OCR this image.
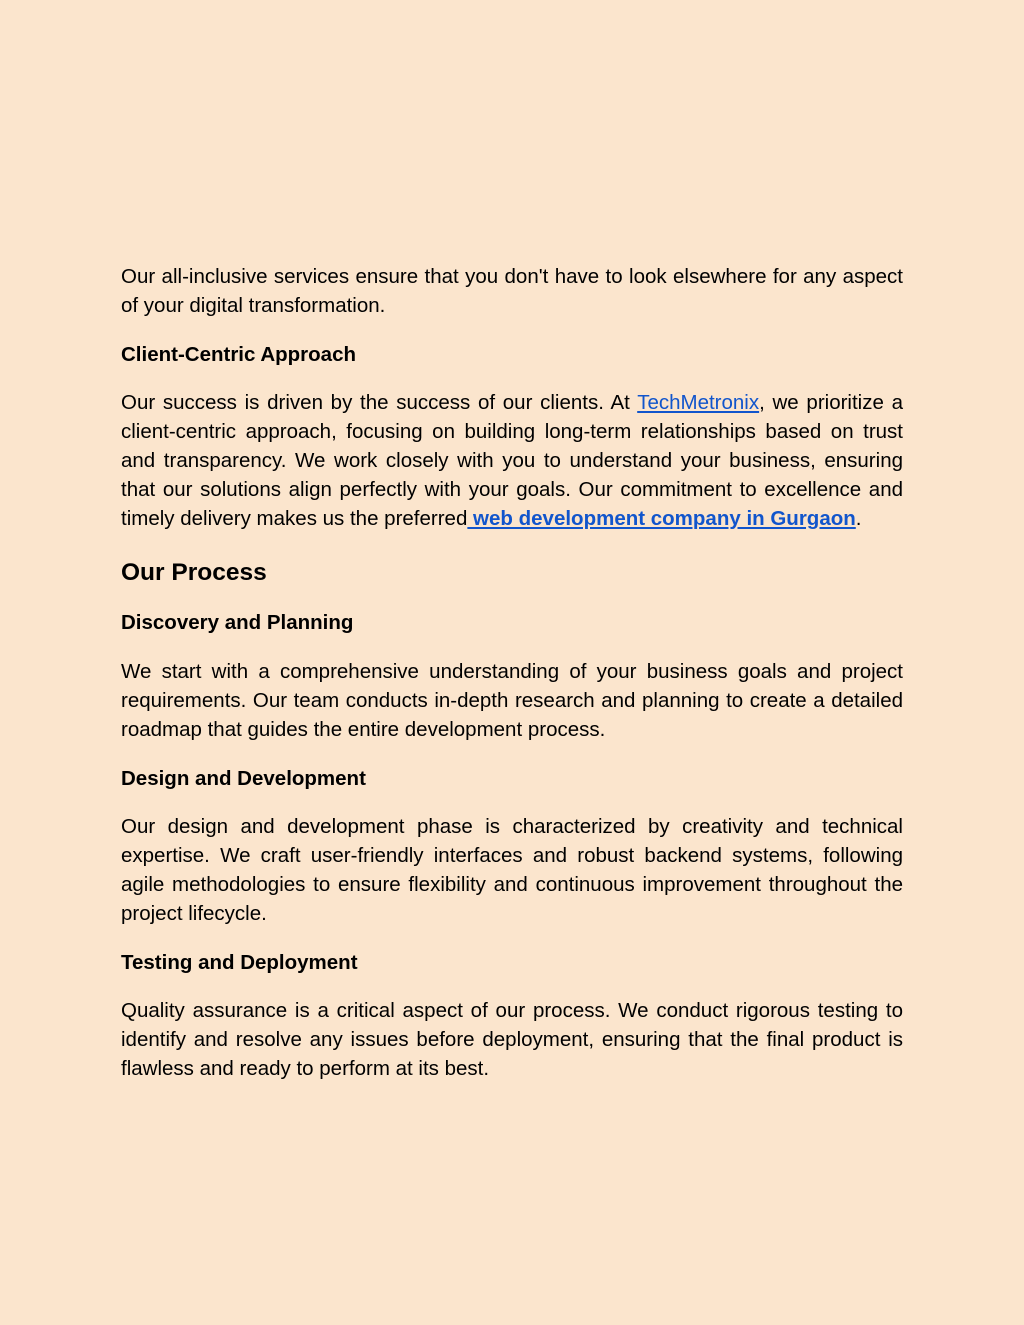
Our all-inclusive services ensure that you don't have to look elsewhere for any aspect of your digital transformation.

Client-Centric Approach

Our success is driven by the success of our clients. At TechMetronix, we prioritize a client-centric approach, focusing on building long-term relationships based on trust and transparency. We work closely with you to understand your business, ensuring that our solutions align perfectly with your goals. Our commitment to excellence and timely delivery makes us the preferred web development company in Gurgaon.

Our Process
Discovery and Planning

We start with a comprehensive understanding of your business goals and project requirements. Our team conducts in-depth research and planning to create a detailed roadmap that guides the entire development process.

Design and Development

Our design and development phase is characterized by creativity and technical expertise. We craft user-friendly interfaces and robust backend systems, following agile methodologies to ensure flexibility and continuous improvement throughout the project lifecycle.

Testing and Deployment

Quality assurance is a critical aspect of our process. We conduct rigorous testing to identify and resolve any issues before deployment, ensuring that the final product is flawless and ready to perform at its best.
